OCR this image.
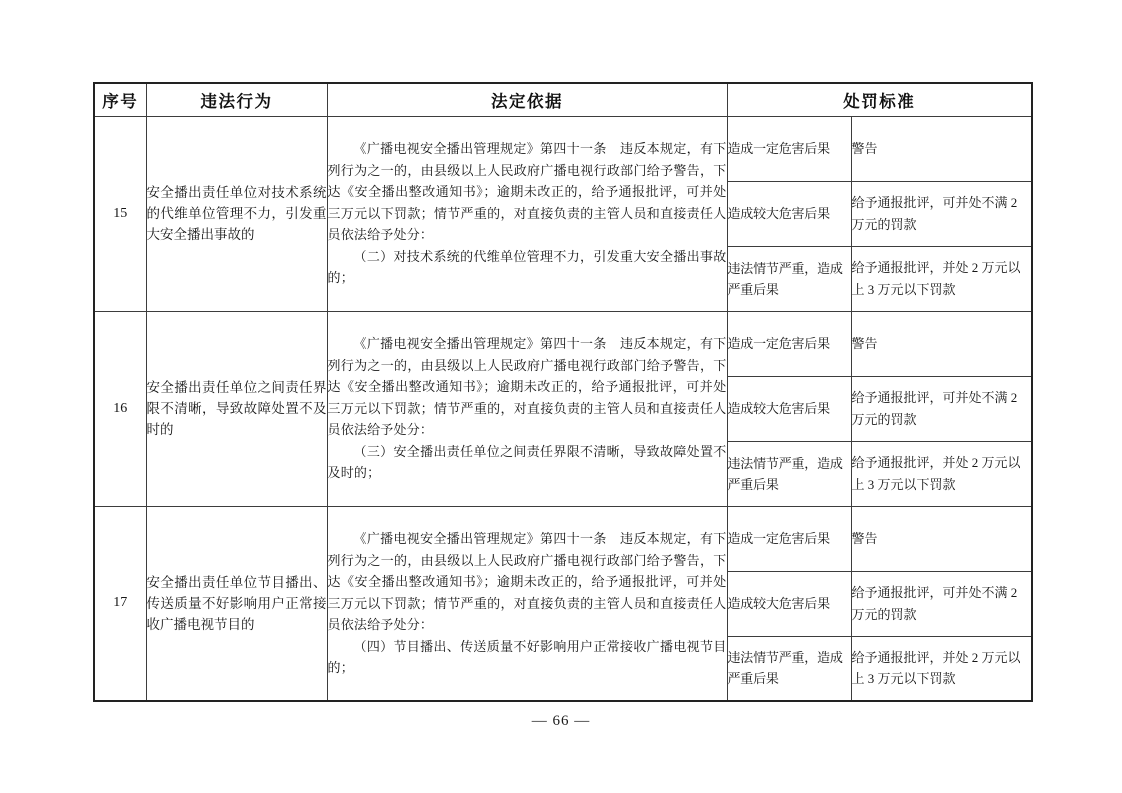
序号	违法行为	法定依据	处罚标准	
15	安全播出责任单位对技术系统的代维单位管理不力，引发重大安全播出事故的	《广播电视安全播出管理规定》第四十一条　违反本规定，有下列行为之一的，由县级以上人民政府广播电视行政部门给予警告，下达《安全播出整改通知书》；逾期未改正的，给予通报批评，可并处三万元以下罚款；情节严重的，对直接负责的主管人员和直接责任人员依法给予处分：

（二）对技术系统的代维单位管理不力，引发重大安全播出事故的；	造成一定危害后果	警告
			造成较大危害后果	给予通报批评，可并处不满 2 万元的罚款
			违法情节严重，造成严重后果	给予通报批评，并处 2 万元以上 3 万元以下罚款
16	安全播出责任单位之间责任界限不清晰，导致故障处置不及时的	《广播电视安全播出管理规定》第四十一条　违反本规定，有下列行为之一的，由县级以上人民政府广播电视行政部门给予警告，下达《安全播出整改通知书》；逾期未改正的，给予通报批评，可并处三万元以下罚款；情节严重的，对直接负责的主管人员和直接责任人员依法给予处分：

（三）安全播出责任单位之间责任界限不清晰，导致故障处置不及时的；	造成一定危害后果	警告
			造成较大危害后果	给予通报批评，可并处不满 2 万元的罚款
			违法情节严重，造成严重后果	给予通报批评，并处 2 万元以上 3 万元以下罚款
17	安全播出责任单位节目播出、传送质量不好影响用户正常接收广播电视节目的	《广播电视安全播出管理规定》第四十一条　违反本规定，有下列行为之一的，由县级以上人民政府广播电视行政部门给予警告，下达《安全播出整改通知书》；逾期未改正的，给予通报批评，可并处三万元以下罚款；情节严重的，对直接负责的主管人员和直接责任人员依法给予处分：

（四）节目播出、传送质量不好影响用户正常接收广播电视节目的；	造成一定危害后果	警告
			造成较大危害后果	给予通报批评，可并处不满 2 万元的罚款
			违法情节严重，造成严重后果	给予通报批评，并处 2 万元以上 3 万元以下罚款
— 66 —
